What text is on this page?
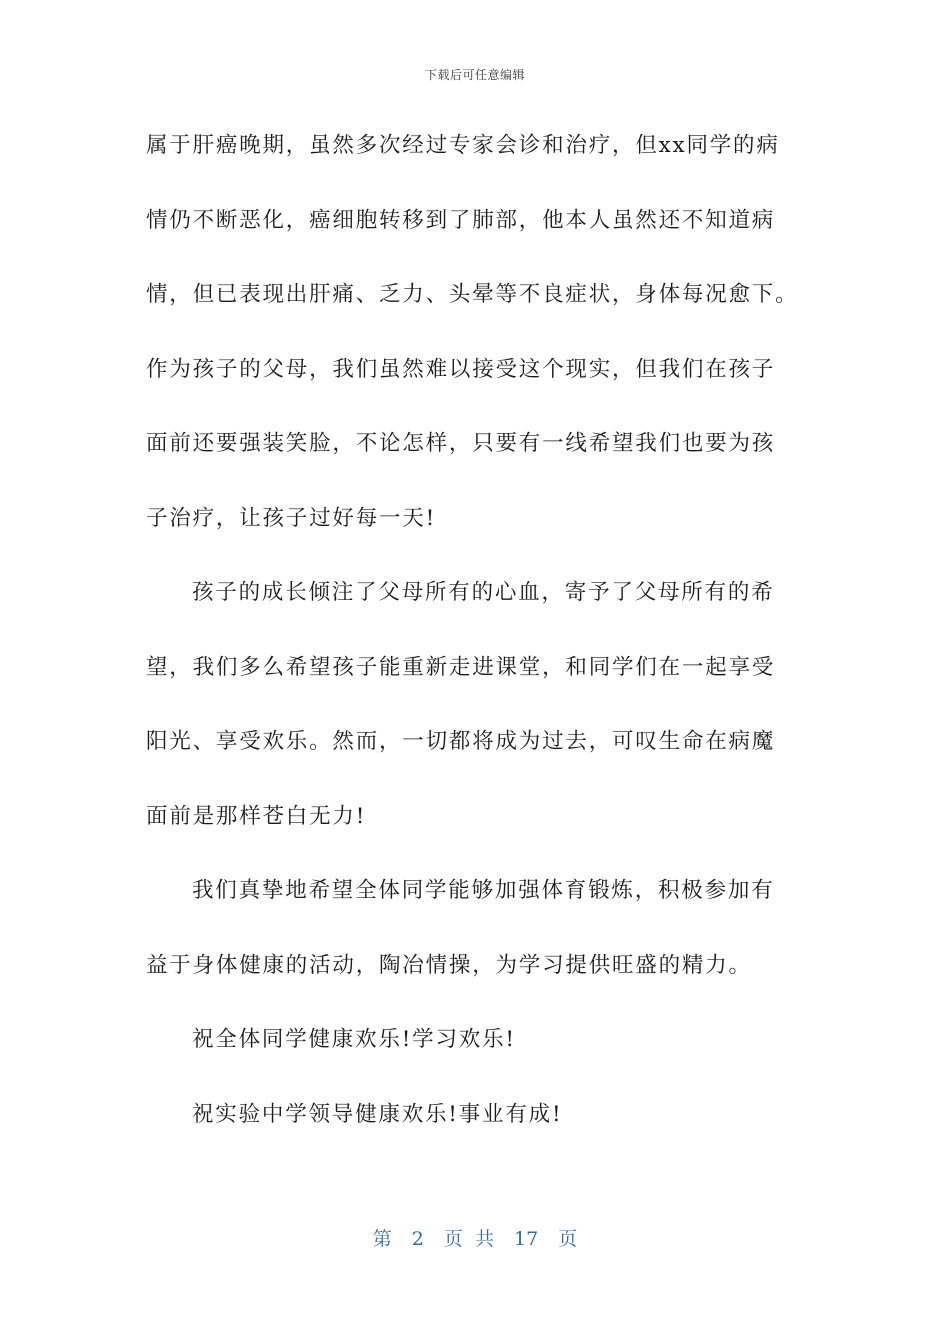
下载后可任意编辑
属于肝癌晚期，虽然多次经过专家会诊和治疗，但xx同学的病
情仍不断恶化，癌细胞转移到了肺部，他本人虽然还不知道病
情，但已表现出肝痛、乏力、头晕等不良症状，身体每况愈下。
作为孩子的父母，我们虽然难以接受这个现实，但我们在孩子
面前还要强装笑脸，不论怎样，只要有一线希望我们也要为孩
子治疗，让孩子过好每一天!
孩子的成长倾注了父母所有的心血，寄予了父母所有的希
望，我们多么希望孩子能重新走进课堂，和同学们在一起享受
阳光、享受欢乐。然而，一切都将成为过去，可叹生命在病魔
面前是那样苍白无力!
我们真挚地希望全体同学能够加强体育锻炼，积极参加有
益于身体健康的活动，陶冶情操，为学习提供旺盛的精力。
祝全体同学健康欢乐!学习欢乐!
祝实验中学领导健康欢乐!事业有成!
第 2 页 共 17 页
